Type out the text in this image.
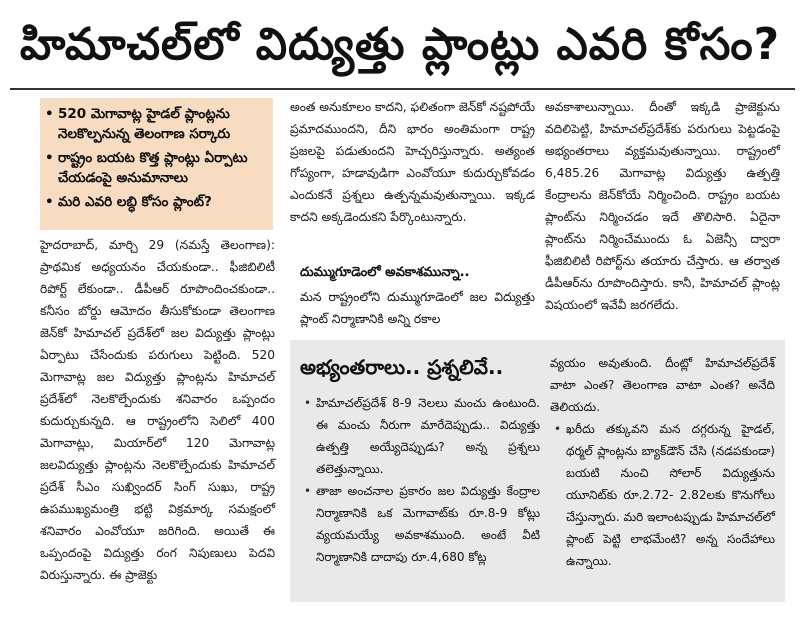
హిమాచల్‌లో విద్యుత్తు ప్లాంట్లు ఎవరి కోసం?
• 520 మెగావాట్ల హైడల్ ప్లాంట్లను నెలకొల్పనున్న తెలంగాణ సర్కారు
• రాష్ట్రం బయట కొత్త ప్లాంట్లు ఏర్పాటు చేయడంపై అనుమానాలు
• మరి ఎవరి లబ్ధి కోసం ప్లాంట్?

హైదరాబాద్, మార్చి 29 (నమస్తే తెలంగాణ): ప్రాథమిక అధ్యయనం చేయకుండా.. ఫీజిబిలిటీ రిపోర్ట్ లేకుండా.. డీపీఆర్ రూపొందించకుండా.. కనీసం బోర్డు ఆమోదం తీసుకోకుండా తెలంగాణ జెన్‌కో హిమాచల్ ప్రదేశ్‌లో జల విద్యుత్తు ప్లాంట్లు ఏర్పాటు చేసేందుకు పరుగులు పెట్టింది. 520 మెగావాట్ల జల విద్యుత్తు ప్లాంట్లను హిమాచల్ ప్రదేశ్‌లో నెలకొల్పేందుకు శనివారం ఒప్పందం కుదుర్చుకున్నది. ఆ రాష్ట్రంలోని సెలిలో 400 మెగావాట్లు, మియార్‌లో 120 మెగావాట్ల జలవిద్యుత్తు ప్లాంట్లను నెలకొల్పేందుకు హిమాచల్ ప్రదేశ్ సీఎం సుఖ్విందర్ సింగ్ సుఖు, రాష్ట్ర ఉపముఖ్యమంత్రి భట్టి విక్రమార్క సమక్షంలో శనివారం ఎంవోయూ జరిగింది. అయితే ఈ ఒప్పందంపై విద్యుత్తు రంగ నిపుణులు పెదవి విరుస్తున్నారు. ఈ ప్రాజెక్టు

అంత అనుకూలం కాదని, ఫలితంగా జెన్‌కో నష్టపోయే ప్రమాదముందని, దీని భారం అంతిమంగా రాష్ట్ర ప్రజలపై పడుతుందని హెచ్చరిస్తున్నారు. అత్యంత గోప్యంగా, హడావుడిగా ఎంవోయూ కుదుర్చుకోవడం ఎందుకనే ప్రశ్నలు ఉత్పన్నమవుతున్నాయి. ఇక్కడ కాదని అక్కడెందుకని పేర్కొంటున్నారు.

దుమ్ముగూడెంలో అవకాశమున్నా..

మన రాష్ట్రంలోని దుమ్ముగూడెంలో జల విద్యుత్తు ప్లాంట్ నిర్మాణానికి అన్ని రకాల

అవకాశాలున్నాయి. దీంతో ఇక్కడి ప్రాజెక్టును వదిలిపెట్టి, హిమాచల్‌ప్రదేశ్‌కు పరుగులు పెట్టడంపై అభ్యంతరాలు వ్యక్తమవుతున్నాయి. రాష్ట్రంలో 6,485.26 మెగావాట్ల విద్యుత్తు ఉత్పత్తి కేంద్రాలను జెన్‌కోయే నిర్మించింది. రాష్ట్రం బయట ప్లాంట్‌ను నిర్మించడం ఇదే తొలిసారి. ఏదైనా ప్లాంట్‌ను నిర్మించేముందు ఓ ఏజెన్సీ ద్వారా ఫీజిబిలిటీ రిపోర్ట్‌ను తయారు చేస్తారు. ఆ తర్వాత డీపీఆర్‌ను రూపొందిస్తారు. కానీ, హిమాచల్ ప్లాంట్ల విషయంలో ఇవేవీ జరగలేదు.

అభ్యంతరాలు.. ప్రశ్నలివే..
• హిమాచల్‌ప్రదేశ్ 8-9 నెలలు మంచు ఉంటుంది. ఈ మంచు నీరుగా మారేదెప్పుడు.. విద్యుత్తు ఉత్పత్తి అయ్యేదెప్పుడు? అన్న ప్రశ్నలు తలెత్తున్నాయి.
• తాజా అంచనాల ప్రకారం జల విద్యుత్తు కేంద్రాల నిర్మాణానికి ఒక మెగావాట్‌కు రూ.8-9 కోట్లు వ్యయమయ్యే అవకాశముంది. అంటే వీటి నిర్మాణానికి దాదాపు రూ.4,680 కోట్ల

వ్యయం అవుతుంది. దీంట్లో హిమాచల్‌ప్రదేశ్ వాటా ఎంత? తెలంగాణ వాటా ఎంత? అనేది తెలియదు.

• ఖరీదు తక్కువని మన దగ్గరున్న హైడల్, థర్మల్ ప్లాంట్లను బ్యాక్‌డౌన్ చేసి (నడపకుండా) బయటి నుంచి సోలార్ విద్యుత్తును యూనిట్‌కు రూ.2.72- 2.82లకు కొనుగోలు చేస్తున్నారు. మరి ఇలాంటప్పుడు హిమాచల్‌లో ప్లాంట్ పెట్టి లాభమేంటి? అన్న సందేహాలు ఉన్నాయి.
